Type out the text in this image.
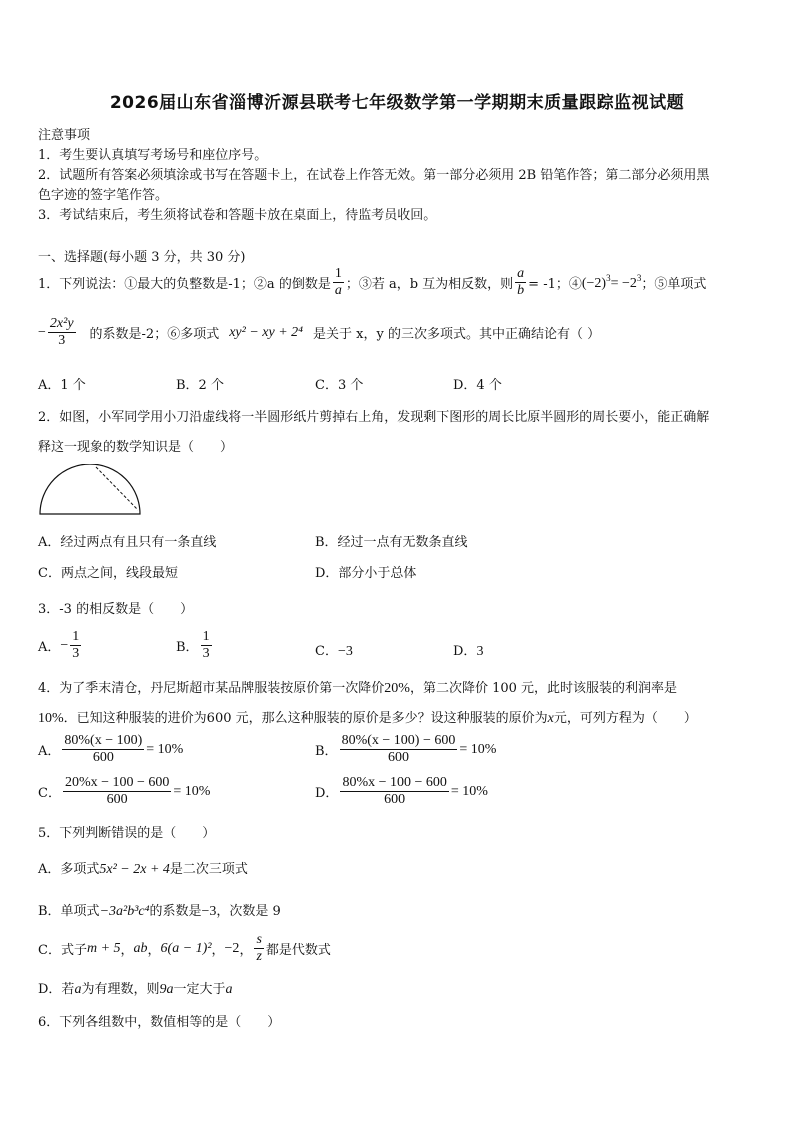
2026届山东省淄博沂源县联考七年级数学第一学期期末质量跟踪监视试题
注意事项
1．考生要认真填写考场号和座位序号。
2．试题所有答案必须填涂或书写在答题卡上，在试卷上作答无效。第一部分必须用 2B 铅笔作答；第二部分必须用黑
色字迹的签字笔作答。
3．考试结束后，考生须将试卷和答题卡放在桌面上，待监考员收回。
一、选择题(每小题 3 分，共 30 分)
1．下列说法：①最大的负整数是-1；②a 的倒数是 $\frac{1}{a}$ ；③若 a，b 互为相反数，则 $\frac{a}{b} = -1$；④ $(-2)^3= -2^3$ ；⑤单项式
− $\frac{\text{2x²y}}{3}$ 的系数是-2；⑥多项式 xy² − xy + 2⁴ 是关于 x，y 的三次多项式。其中正确结论有（ ）
A．1 个	B．2 个	C．3 个	D．4 个
2．如图，小军同学用小刀沿虚线将一半圆形纸片剪掉右上角，发现剩下图形的周长比原半圆形的周长要小，能正确解
释这一现象的数学知识是（　　）
A．经过两点有且只有一条直线	B．经过一点有无数条直线
C．两点之间，线段最短	D．部分小于总体
3．-3 的相反数是（　　）
A． − $\frac{1}{3}$	B． $\frac{1}{3}$	C．−3	D．3
4．为了季末清仓，丹尼斯超市某品牌服装按原价第一次降价20%，第二次降价 100 元，此时该服装的利润率是
10%．已知这种服装的进价为600 元，那么这种服装的原价是多少？设这种服装的原价为x元，可列方程为（　　）
A． $\frac{80\%(x - 100)}{600} = 10\%$	B． $\frac{80\%(x - 100) - 600}{600} = 10\%$
C． $\frac{20\%x - 100 - 600}{600} = 10\%$	D． $\frac{80\%x - 100 - 600}{600} = 10\%$
5．下列判断错误的是（　　）
A．多项式5x² − 2x + 4是二次三项式
B．单项式−3a²b³c⁴的系数是−3，次数是 9
C．式子 m + 5 ， ab ， 6(a − 1)² ， −2 ， $\frac{s}{z}$ 都是代数式
D．若a为有理数，则9a一定大于a
6．下列各组数中，数值相等的是（　　）
